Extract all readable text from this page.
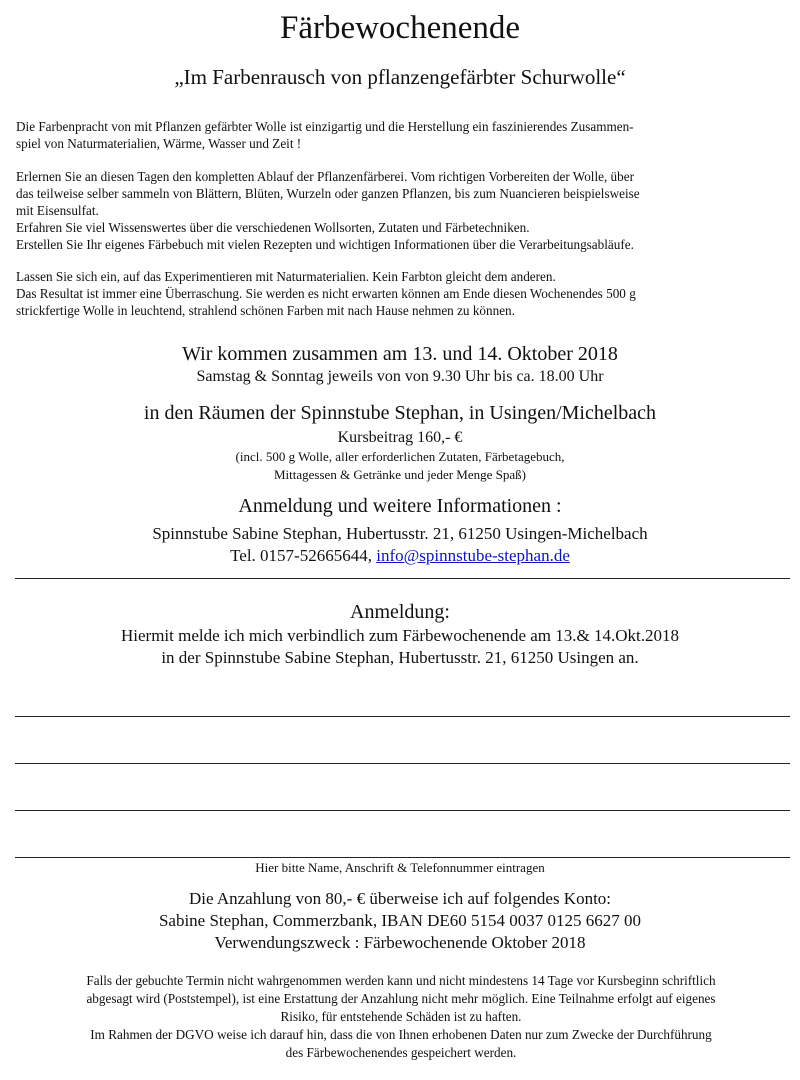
Färbewochenende
„Im Farbenrausch von pflanzengefärbter Schurwolle“

Die Farbenpracht von mit Pflanzen gefärbter Wolle ist einzigartig und die Herstellung ein faszinierendes Zusammen-
spiel von Naturmaterialien, Wärme, Wasser und Zeit !

Erlernen Sie an diesen Tagen den kompletten Ablauf der Pflanzenfärberei. Vom richtigen Vorbereiten der Wolle, über
das teilweise selber sammeln von Blättern, Blüten, Wurzeln oder ganzen Pflanzen, bis zum Nuancieren beispielsweise
mit Eisensulfat.
Erfahren Sie viel Wissenswertes über die verschiedenen Wollsorten, Zutaten und Färbetechniken.
Erstellen Sie Ihr eigenes Färbebuch mit vielen Rezepten und wichtigen Informationen über die Verarbeitungsabläufe.

Lassen Sie sich ein, auf das Experimentieren mit Naturmaterialien. Kein Farbton gleicht dem anderen.
Das Resultat ist immer eine Überraschung. Sie werden es nicht erwarten können am Ende diesen Wochenendes 500 g
strickfertige Wolle in leuchtend, strahlend schönen Farben mit nach Hause nehmen zu können.

Wir kommen zusammen am 13. und 14. Oktober 2018

Samstag & Sonntag jeweils von von 9.30 Uhr bis ca. 18.00 Uhr

in den Räumen der Spinnstube Stephan, in Usingen/Michelbach

Kursbeitrag 160,- €

(incl. 500 g Wolle, aller erforderlichen Zutaten, Färbetagebuch,

Mittagessen & Getränke und jeder Menge Spaß)

Anmeldung und weitere Informationen :

Spinnstube Sabine Stephan, Hubertusstr. 21, 61250 Usingen-Michelbach

Tel. 0157-52665644, info@spinnstube-stephan.de

Anmeldung:

Hiermit melde ich mich verbindlich zum Färbewochenende am 13.& 14.Okt.2018

in der Spinnstube Sabine Stephan, Hubertusstr. 21, 61250 Usingen an.

Hier bitte Name, Anschrift & Telefonnummer eintragen

Die Anzahlung von 80,- € überweise ich auf folgendes Konto:

Sabine Stephan, Commerzbank, IBAN DE60 5154 0037 0125 6627 00

Verwendungszweck : Färbewochenende Oktober 2018

Falls der gebuchte Termin nicht wahrgenommen werden kann und nicht mindestens 14 Tage vor Kursbeginn schriftlich
abgesagt wird (Poststempel), ist eine Erstattung der Anzahlung nicht mehr möglich. Eine Teilnahme erfolgt auf eigenes
Risiko, für entstehende Schäden ist zu haften.
Im Rahmen der DGVO weise ich darauf hin, dass die von Ihnen erhobenen Daten nur zum Zwecke der Durchführung
des Färbewochenendes gespeichert werden.
